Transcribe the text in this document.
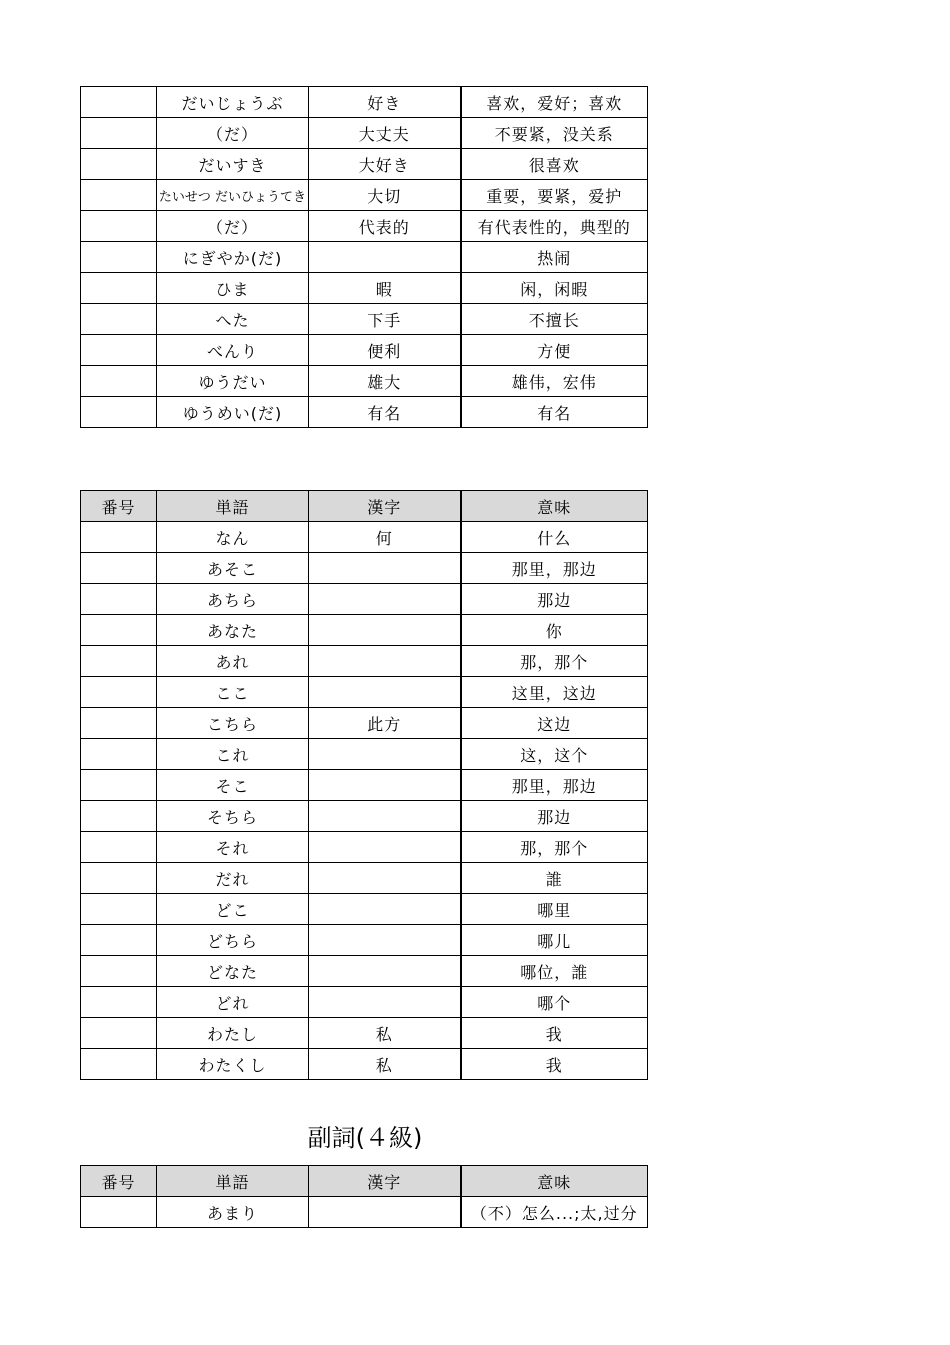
	だいじょうぶ	好き	喜欢，爱好；喜欢
	（だ）	大丈夫	不要紧，没关系
	だいすき	大好き	很喜欢
	たいせつ だいひょうてき	大切	重要，要紧，爱护
	（だ）	代表的	有代表性的，典型的
	にぎやか(だ)		热闹
	ひま	暇	闲，闲暇
	へた	下手	不擅长
	べんり	便利	方便
	ゆうだい	雄大	雄伟，宏伟
	ゆうめい(だ)	有名	有名
番号	単語	漢字	意味
	なん	何	什么
	あそこ		那里，那边
	あちら		那边
	あなた		你
	あれ		那，那个
	ここ		这里，这边
	こちら	此方	这边
	これ		这，这个
	そこ		那里，那边
	そちら		那边
	それ		那，那个
	だれ		誰
	どこ		哪里
	どちら		哪儿
	どなた		哪位，誰
	どれ		哪个
	わたし	私	我
	わたくし	私	我
副詞(４級)
番号	単語	漢字	意味
	あまり		（不）怎么...;太,过分
